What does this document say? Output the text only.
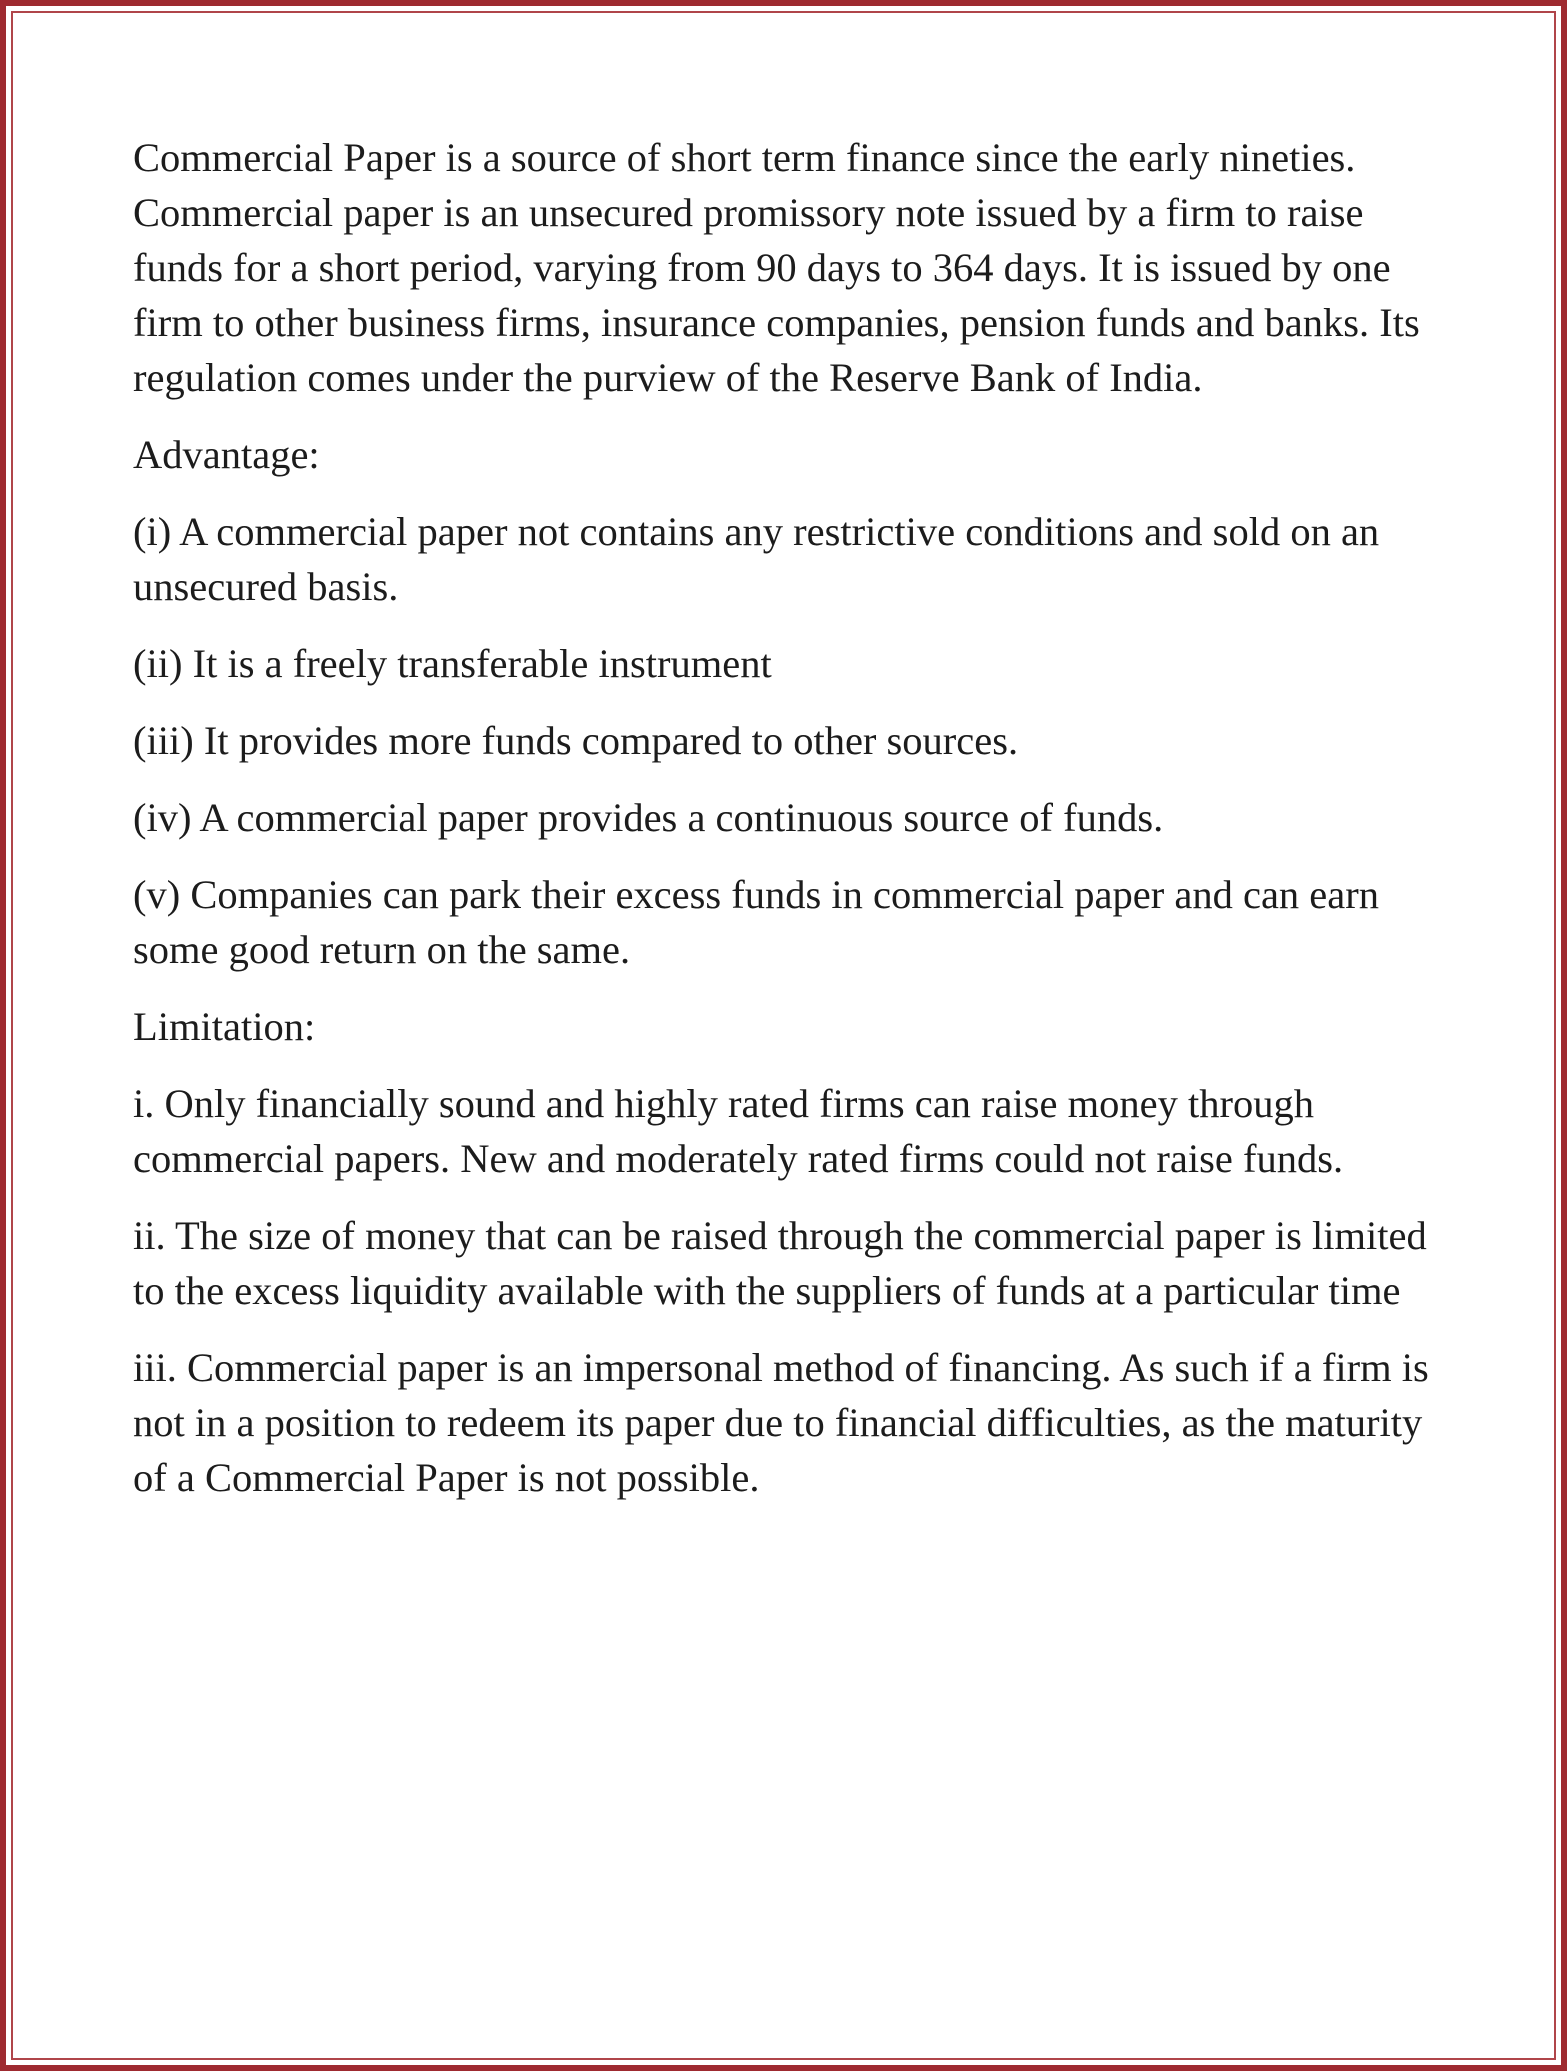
Commercial Paper is a source of short term finance since the early nineties. Commercial paper is an unsecured promissory note issued by a firm to raise funds for a short period, varying from 90 days to 364 days. It is issued by one firm to other business firms, insurance companies, pension funds and banks. Its regulation comes under the purview of the Reserve Bank of India.

Advantage:

(i) A commercial paper not contains any restrictive conditions and sold on an unsecured basis.

(ii) It is a freely transferable instrument

(iii) It provides more funds compared to other sources.

(iv) A commercial paper provides a continuous source of funds.

(v) Companies can park their excess funds in commercial paper and can earn some good return on the same.

Limitation:

i. Only financially sound and highly rated firms can raise money through commercial papers. New and moderately rated firms could not raise funds.

ii. The size of money that can be raised through the commercial paper is limited to the excess liquidity available with the suppliers of funds at a particular time

iii. Commercial paper is an impersonal method of financing. As such if a firm is not in a position to redeem its paper due to financial difficulties, as the maturity of a Commercial Paper is not possible.
